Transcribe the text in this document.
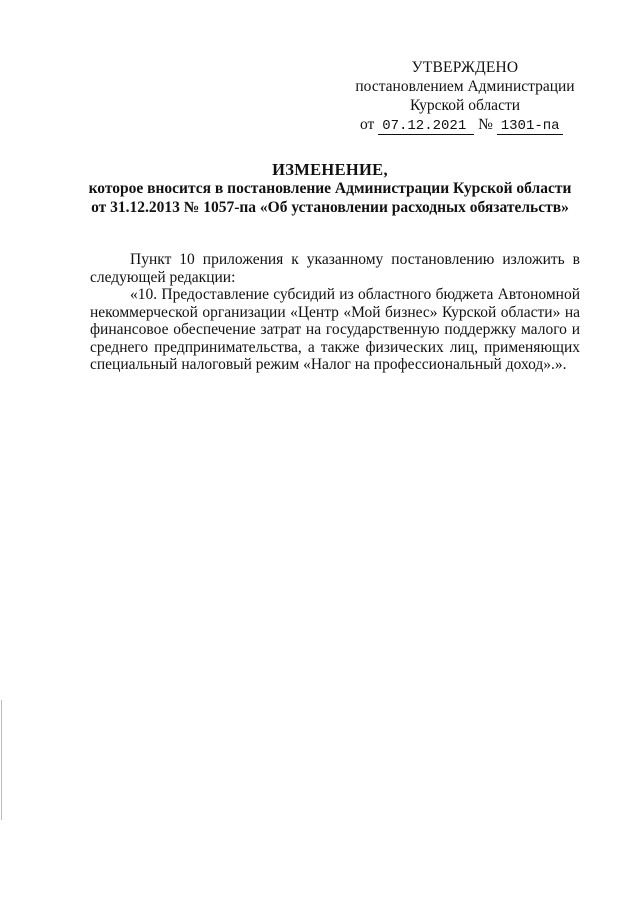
УТВЕРЖДЕНО
постановлением Администрации
Курской области
от 07.12.2021 № 1301-па
ИЗМЕНЕНИЕ,
которое вносится в постановление Администрации Курской области
от 31.12.2013 № 1057-па «Об установлении расходных обязательств»

Пункт 10 приложения к указанному постановлению изложить в следующей редакции:

«10. Предоставление субсидий из областного бюджета Автономной некоммерческой организации «Центр «Мой бизнес» Курской области» на финансовое обеспечение затрат на государственную поддержку малого и среднего предпринимательства, а также физических лиц, применяющих специальный налоговый режим «Налог на профессиональный доход».».
